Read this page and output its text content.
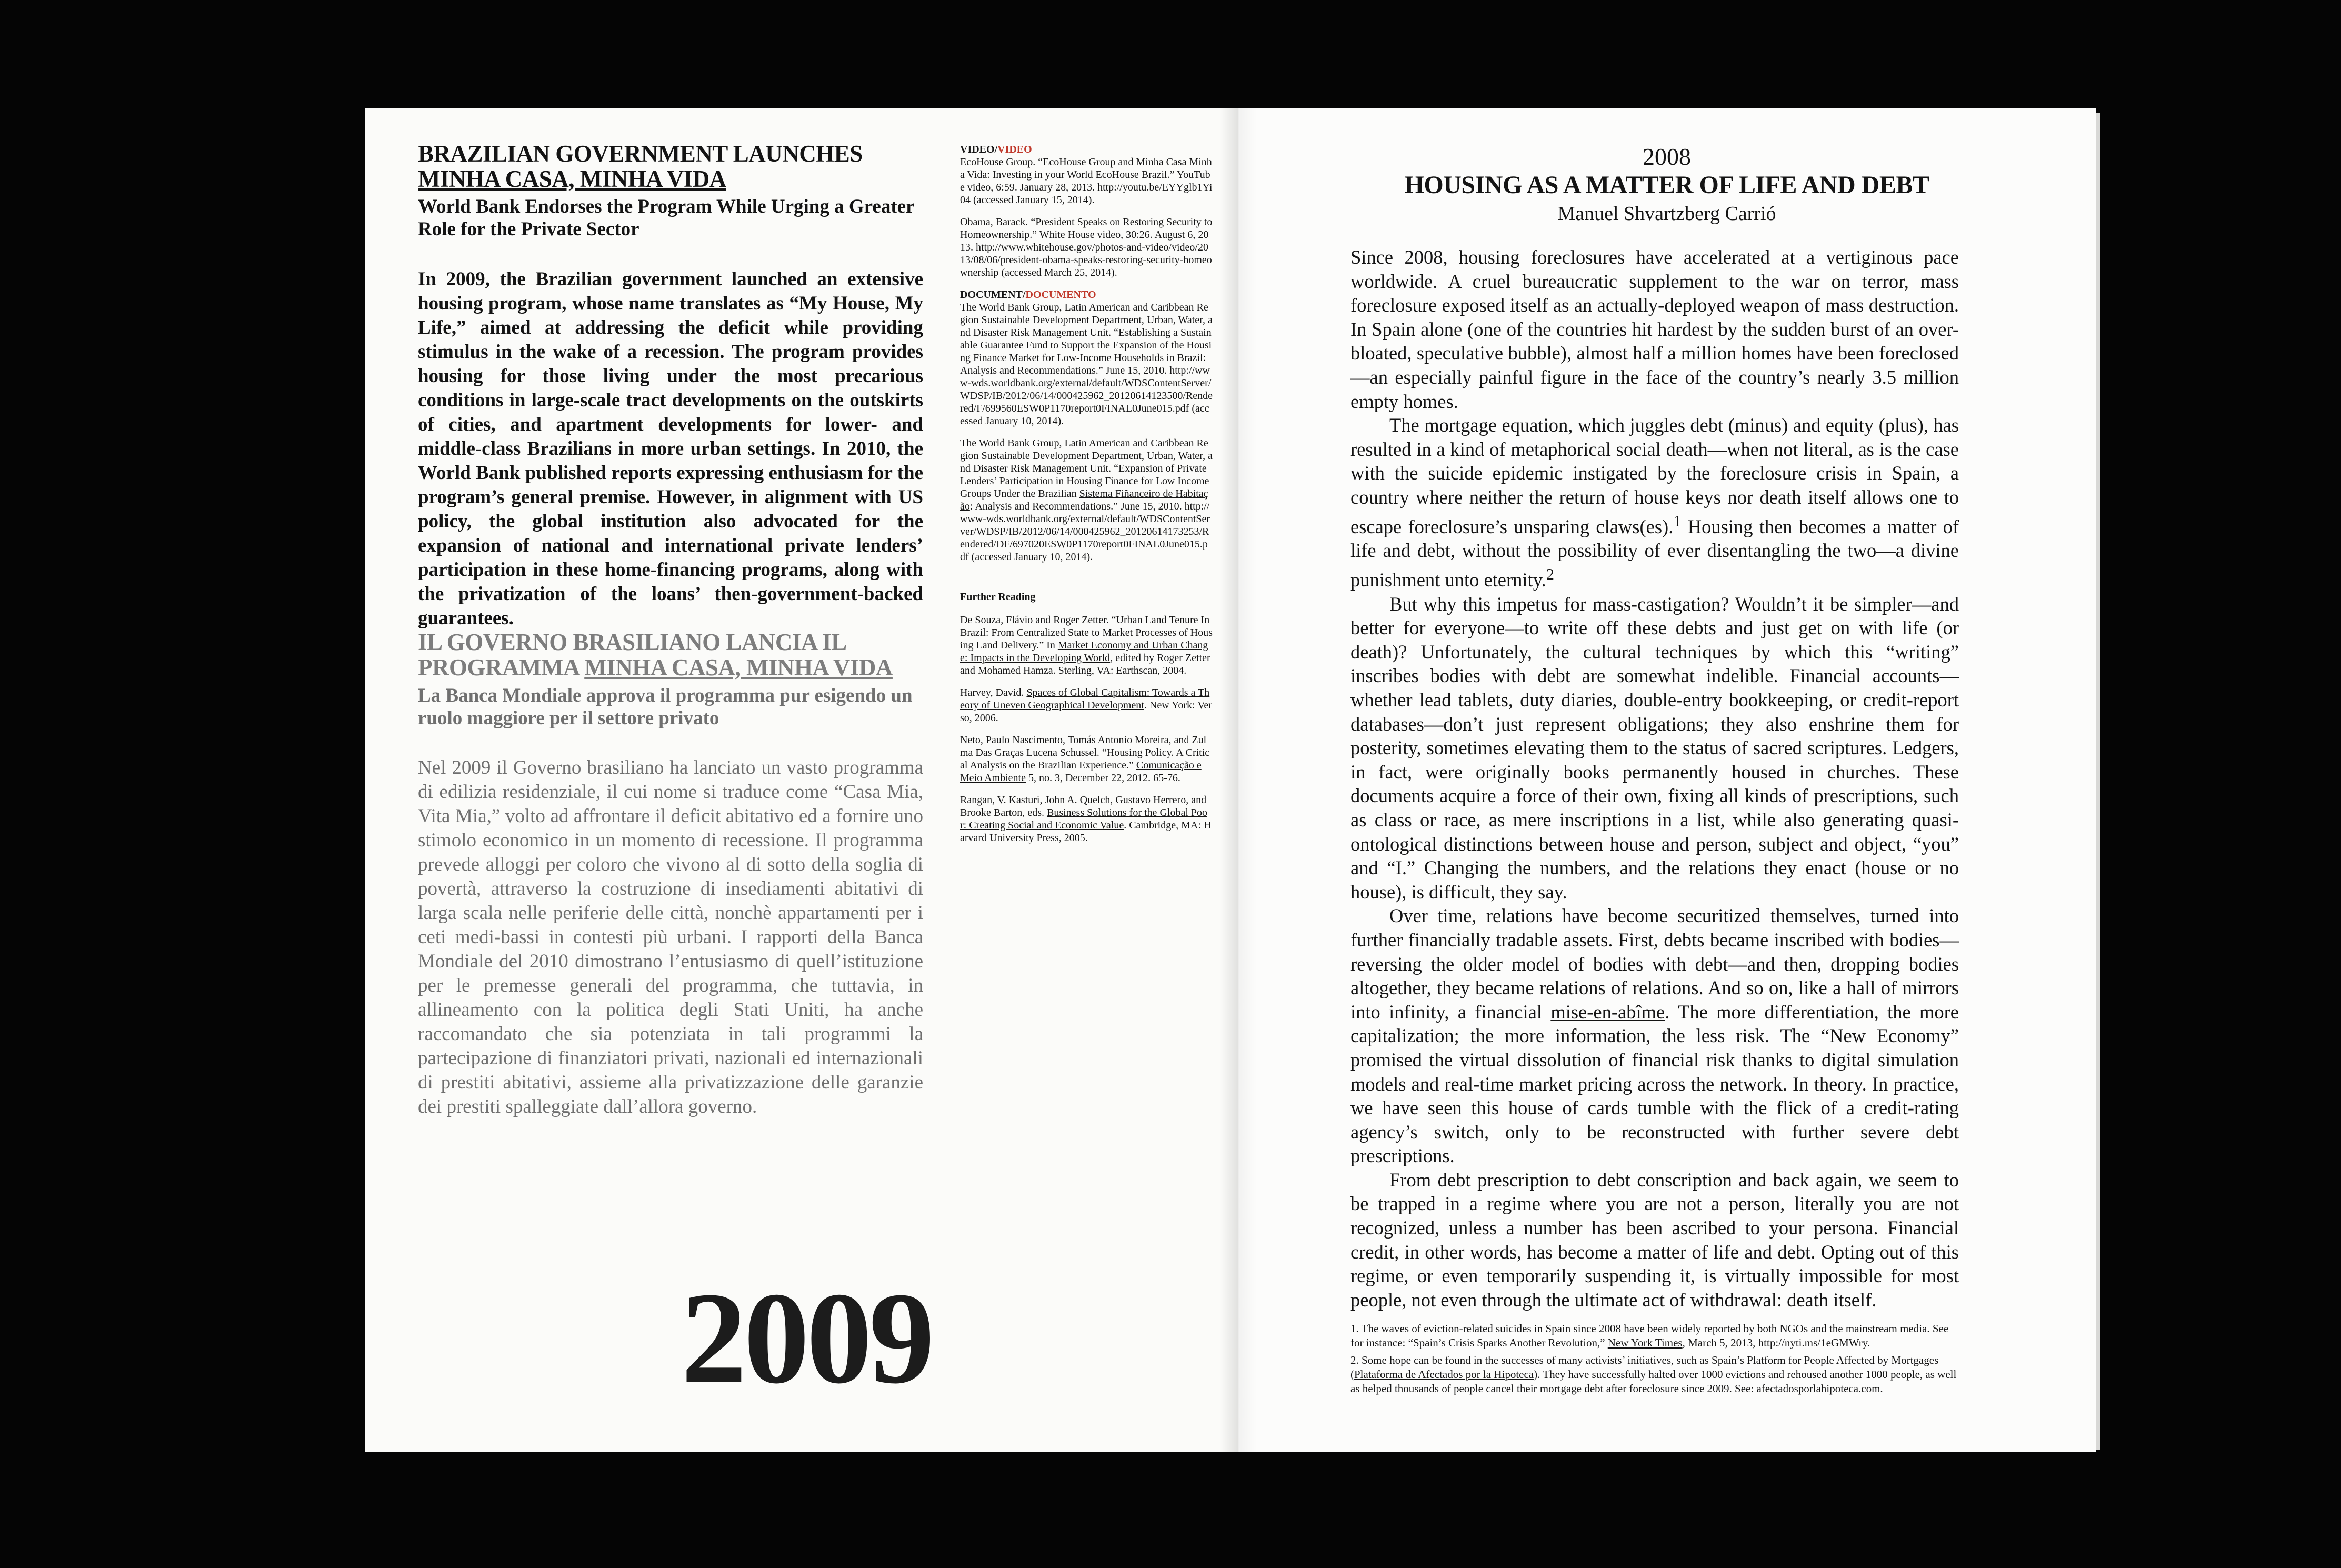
BRAZILIAN GOVERNMENT LAUNCHES MINHA CASA, MINHA VIDA
World Bank Endorses the Program While Urging a Greater Role for the Private Sector

In 2009, the Brazilian government launched an extensive housing program, whose name translates as “My House, My Life,” aimed at addressing the deficit while providing stimulus in the wake of a recession. The program provides housing for those living under the most precarious conditions in large-scale tract developments on the outskirts of cities, and apartment developments for lower- and middle-class Brazilians in more urban settings. In 2010, the World Bank published reports expressing enthusiasm for the program’s general premise. However, in alignment with US policy, the global institution also advocated for the expansion of national and international private lenders’ participation in these home-financing programs, along with the privatization of the loans’ then-government-backed guarantees.

IL GOVERNO BRASILIANO LANCIA IL PROGRAMMA MINHA CASA, MINHA VIDA
La Banca Mondiale approva il programma pur esigendo un ruolo maggiore per il settore privato

Nel 2009 il Governo brasiliano ha lanciato un vasto programma di edilizia residenziale, il cui nome si traduce come “Casa Mia, Vita Mia,” volto ad affrontare il deficit abitativo ed a fornire uno stimolo economico in un momento di recessione. Il programma prevede alloggi per coloro che vivono al di sotto della soglia di povertà, attraverso la costruzione di insediamenti abitativi di larga scala nelle periferie delle città, nonchè appartamenti per i ceti medi-bassi in contesti più urbani. I rapporti della Banca Mondiale del 2010 dimostrano l’entusiasmo di quell’istituzione per le premesse generali del programma, che tuttavia, in allineamento con la politica degli Stati Uniti, ha anche raccomandato che sia potenziata in tali programmi la partecipazione di finanziatori privati, nazionali ed internazionali di prestiti abitativi, assieme alla privatizzazione delle garanzie dei prestiti spalleggiate dall’allora governo.

VIDEO/VIDEO

EcoHouse Group. “EcoHouse Group and Minha Casa Minha Vida: Investing in your World EcoHouse Brazil.” YouTube video, 6:59. January 28, 2013. http://youtu.be/EYYglb1Yi04 (accessed January 15, 2014).

Obama, Barack. “President Speaks on Restoring Security to Homeownership.” White House video, 30:26. August 6, 2013. http://www.whitehouse.gov/photos-and-video/video/2013/08/06/president-obama-speaks-restoring-security-homeownership (accessed March 25, 2014).

DOCUMENT/DOCUMENTO

The World Bank Group, Latin American and Caribbean Region Sustainable Development Department, Urban, Water, and Disaster Risk Management Unit. “Establishing a Sustainable Guarantee Fund to Support the Expansion of the Housing Finance Market for Low-Income Households in Brazil: Analysis and Recommendations.” June 15, 2010. http://www-wds.worldbank.org/external/default/WDSContentServer/WDSP/IB/2012/06/14/000425962_20120614123500/Rendered/F/699560ESW0P1170report0FINAL0June015.pdf (accessed January 10, 2014).

The World Bank Group, Latin American and Caribbean Region Sustainable Development Department, Urban, Water, and Disaster Risk Management Unit. “Expansion of Private Lenders’ Participation in Housing Finance for Low Income Groups Under the Brazilian Sistema Fiñanceiro de Habitação: Analysis and Recommendations.” June 15, 2010. http://www-wds.worldbank.org/external/default/WDSContentServer/WDSP/IB/2012/06/14/000425962_20120614173253/Rendered/DF/697020ESW0P1170report0FINAL0June015.pdf (accessed January 10, 2014).

Further Reading

De Souza, Flávio and Roger Zetter. “Urban Land Tenure In Brazil: From Centralized State to Market Processes of Housing Land Delivery.” In Market Economy and Urban Change: Impacts in the Developing World, edited by Roger Zetter and Mohamed Hamza. Sterling, VA: Earthscan, 2004.

Harvey, David. Spaces of Global Capitalism: Towards a Theory of Uneven Geographical Development. New York: Verso, 2006.

Neto, Paulo Nascimento, Tomás Antonio Moreira, and Zulma Das Graças Lucena Schussel. “Housing Policy. A Critical Analysis on the Brazilian Experience.” Comunicação e Meio Ambiente 5, no. 3, December 22, 2012. 65-76.

Rangan, V. Kasturi, John A. Quelch, Gustavo Herrero, and Brooke Barton, eds. Business Solutions for the Global Poor: Creating Social and Economic Value. Cambridge, MA: Harvard University Press, 2005.

2009
2008
HOUSING AS A MATTER OF LIFE AND DEBT
Manuel Shvartzberg Carrió

Since 2008, housing foreclosures have accelerated at a vertiginous pace worldwide. A cruel bureaucratic supplement to the war on terror, mass foreclosure exposed itself as an actually-deployed weapon of mass destruction. In Spain alone (one of the countries hit hardest by the sudden burst of an over-bloated, speculative bubble), almost half a million homes have been foreclosed—an especially painful figure in the face of the country’s nearly 3.5 million empty homes.

The mortgage equation, which juggles debt (minus) and equity (plus), has resulted in a kind of metaphorical social death—when not literal, as is the case with the suicide epidemic instigated by the foreclosure crisis in Spain, a country where neither the return of house keys nor death itself allows one to escape foreclosure’s unsparing claws(es).$^1$ Housing then becomes a matter of life and debt, without the possibility of ever disentangling the two—a divine punishment unto eternity.$^2$

But why this impetus for mass-castigation? Wouldn’t it be simpler—and better for everyone—to write off these debts and just get on with life (or death)? Unfortunately, the cultural techniques by which this “writing” inscribes bodies with debt are somewhat indelible. Financial accounts—whether lead tablets, duty diaries, double-entry bookkeeping, or credit-report databases—don’t just represent obligations; they also enshrine them for posterity, sometimes elevating them to the status of sacred scriptures. Ledgers, in fact, were originally books permanently housed in churches. These documents acquire a force of their own, fixing all kinds of prescriptions, such as class or race, as mere inscriptions in a list, while also generating quasi-ontological distinctions between house and person, subject and object, “you” and “I.” Changing the numbers, and the relations they enact (house or no house), is difficult, they say.

Over time, relations have become securitized themselves, turned into further financially tradable assets. First, debts became inscribed with bodies—reversing the older model of bodies with debt—and then, dropping bodies altogether, they became relations of relations. And so on, like a hall of mirrors into infinity, a financial mise-en-abîme. The more differentiation, the more capitalization; the more information, the less risk. The “New Economy” promised the virtual dissolution of financial risk thanks to digital simulation models and real-time market pricing across the network. In theory. In practice, we have seen this house of cards tumble with the flick of a credit-rating agency’s switch, only to be reconstructed with further severe debt prescriptions.

From debt prescription to debt conscription and back again, we seem to be trapped in a regime where you are not a person, literally you are not recognized, unless a number has been ascribed to your persona. Financial credit, in other words, has become a matter of life and debt. Opting out of this regime, or even temporarily suspending it, is virtually impossible for most people, not even through the ultimate act of withdrawal: death itself.

1. The waves of eviction-related suicides in Spain since 2008 have been widely reported by both NGOs and the mainstream media. See for instance: “Spain’s Crisis Sparks Another Revolution,” New York Times, March 5, 2013, http://nyti.ms/1eGMWry.

2. Some hope can be found in the successes of many activists’ initiatives, such as Spain’s Platform for People Affected by Mortgages (Plataforma de Afectados por la Hipoteca). They have successfully halted over 1000 evictions and rehoused another 1000 people, as well as helped thousands of people cancel their mortgage debt after foreclosure since 2009. See: afectadosporlahipoteca.com.
